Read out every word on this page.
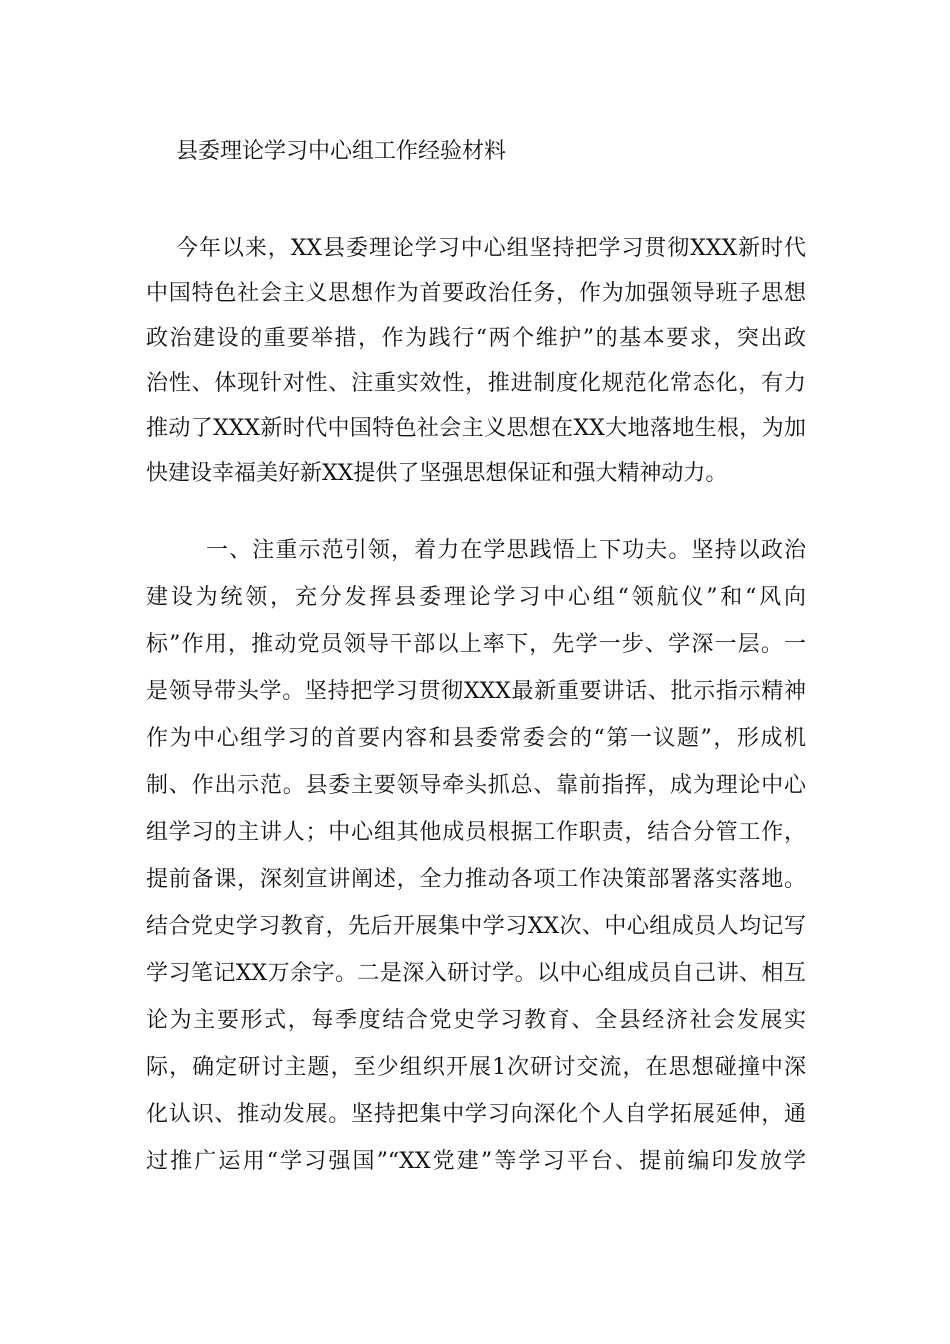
县委理论学习中心组工作经验材料
今年以来，XX县委理论学习中心组坚持把学习贯彻XXX新时代
中国特色社会主义思想作为首要政治任务，作为加强领导班子思想
政治建设的重要举措，作为践行“两个维护”的基本要求，突出政
治性、体现针对性、注重实效性，推进制度化规范化常态化，有力
推动了XXX新时代中国特色社会主义思想在XX大地落地生根，为加
快建设幸福美好新XX提供了坚强思想保证和强大精神动力。
一、注重示范引领，着力在学思践悟上下功夫。坚持以政治
建设为统领，充分发挥县委理论学习中心组“领航仪”和“风向
标”作用，推动党员领导干部以上率下，先学一步、学深一层。一
是领导带头学。坚持把学习贯彻XXX最新重要讲话、批示指示精神
作为中心组学习的首要内容和县委常委会的“第一议题”，形成机
制、作出示范。县委主要领导牵头抓总、靠前指挥，成为理论中心
组学习的主讲人；中心组其他成员根据工作职责，结合分管工作，
提前备课，深刻宣讲阐述，全力推动各项工作决策部署落实落地。
结合党史学习教育，先后开展集中学习XX次、中心组成员人均记写
学习笔记XX万余字。二是深入研讨学。以中心组成员自己讲、相互
论为主要形式，每季度结合党史学习教育、全县经济社会发展实
际，确定研讨主题，至少组织开展1次研讨交流，在思想碰撞中深
化认识、推动发展。坚持把集中学习向深化个人自学拓展延伸，通
过推广运用“学习强国”“XX党建”等学习平台、提前编印发放学
